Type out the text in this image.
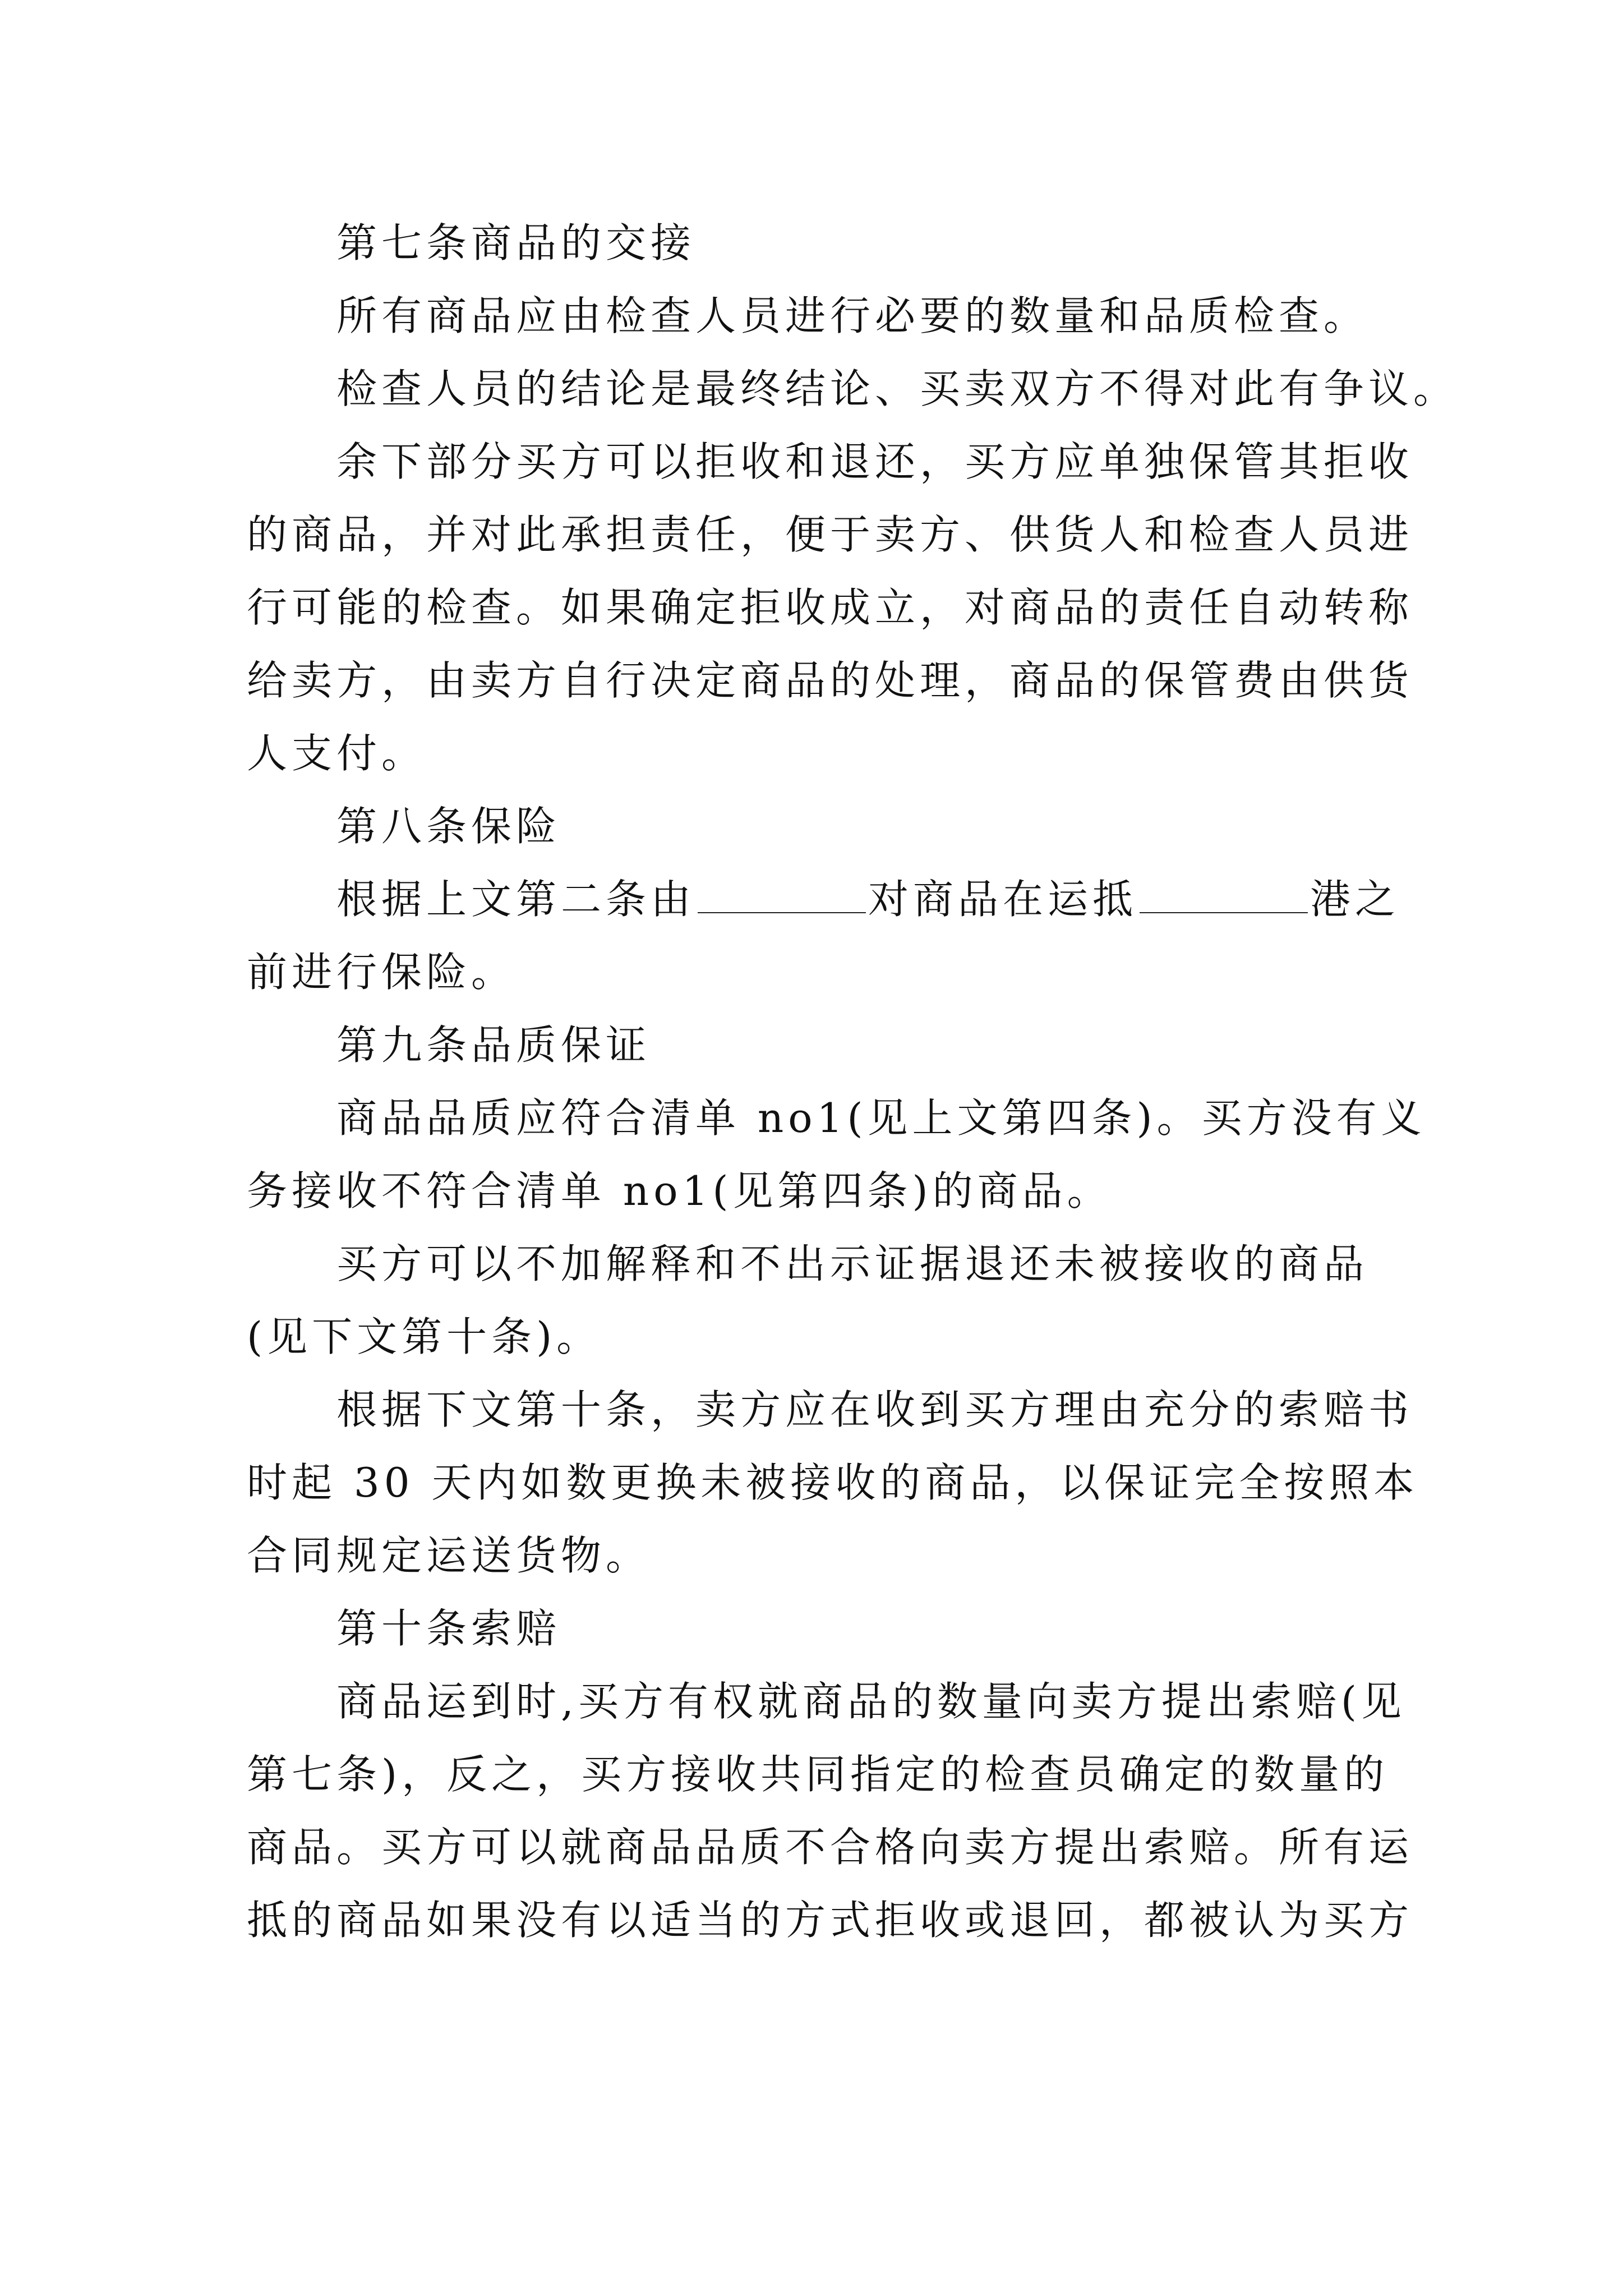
第七条商品的交接
所有商品应由检查人员进行必要的数量和品质检查。
检查人员的结论是最终结论、买卖双方不得对此有争议。
余下部分买方可以拒收和退还，买方应单独保管其拒收
的商品，并对此承担责任，便于卖方、供货人和检查人员进
行可能的检查。如果确定拒收成立，对商品的责任自动转称
给卖方，由卖方自行决定商品的处理，商品的保管费由供货
人支付。
第八条保险
根据上文第二条由	对商品在运抵	港之
前进行保险。
第九条品质保证
商品品质应符合清单 no1(见上文第四条)。买方没有义
务接收不符合清单 no1(见第四条)的商品。
买方可以不加解释和不出示证据退还未被接收的商品
(见下文第十条)。
根据下文第十条，卖方应在收到买方理由充分的索赔书
时起 30 天内如数更换未被接收的商品，以保证完全按照本
合同规定运送货物。
第十条索赔
商品运到时,买方有权就商品的数量向卖方提出索赔(见
第七条)，反之，买方接收共同指定的检查员确定的数量的
商品。买方可以就商品品质不合格向卖方提出索赔。所有运
抵的商品如果没有以适当的方式拒收或退回，都被认为买方
